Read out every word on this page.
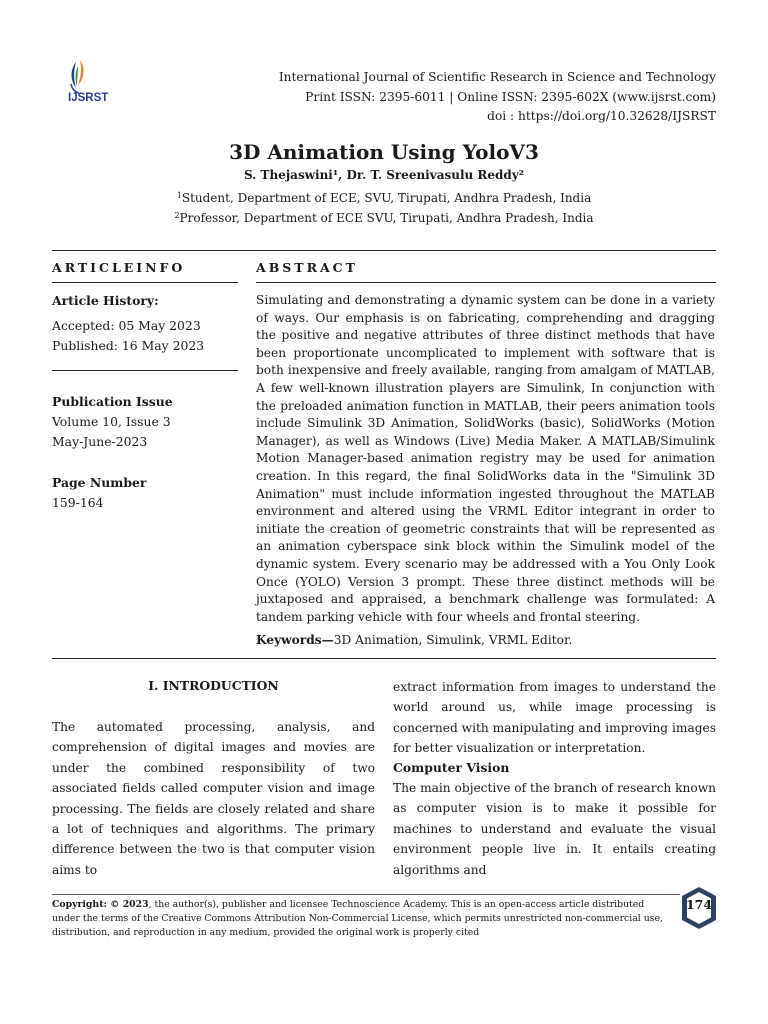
IJSRST
International Journal of Scientific Research in Science and Technology
Print ISSN: 2395-6011 | Online ISSN: 2395-602X (www.ijsrst.com)
doi : https://doi.org/10.32628/IJSRST
3D Animation Using YoloV3
S. Thejaswini¹, Dr. T. Sreenivasulu Reddy²
$^1$Student, Department of ECE, SVU, Tirupati, Andhra Pradesh, India
$^2$Professor, Department of ECE SVU, Tirupati, Andhra Pradesh, India
ARTICLEINFO	ABSTRACT
Article History:
Accepted: 05 May 2023
Published: 16 May 2023
Publication Issue
Volume 10, Issue 3
May-June-2023
Page Number
159-164
Simulating and demonstrating a dynamic system can be done in a variety of ways. Our emphasis is on fabricating, comprehending and dragging the positive and negative attributes of three distinct methods that have been proportionate uncomplicated to implement with software that is both inexpensive and freely available, ranging from amalgam of MATLAB, A few well-known illustration players are Simulink, In conjunction with the preloaded animation function in MATLAB, their peers animation tools include Simulink 3D Animation, SolidWorks (basic), SolidWorks (Motion Manager), as well as Windows (Live) Media Maker. A MATLAB/Simulink Motion Manager-based animation registry may be used for animation creation. In this regard, the final SolidWorks data in the "Simulink 3D Animation" must include information ingested throughout the MATLAB environment and altered using the VRML Editor integrant in order to initiate the creation of geometric constraints that will be represented as an animation cyberspace sink block within the Simulink model of the dynamic system. Every scenario may be addressed with a You Only Look Once (YOLO) Version 3 prompt. These three distinct methods will be juxtaposed and appraised, a benchmark challenge was formulated: A tandem parking vehicle with four wheels and frontal steering.
Keywords—3D Animation, Simulink, VRML Editor.
I. INTRODUCTION
The automated processing, analysis, and comprehension of digital images and movies are under the combined responsibility of two associated fields called computer vision and image processing. The fields are closely related and share a lot of techniques and algorithms. The primary difference between the two is that computer vision aims to
extract information from images to understand the world around us, while image processing is concerned with manipulating and improving images for better visualization or interpretation.
Computer Vision
The main objective of the branch of research known as computer vision is to make it possible for machines to understand and evaluate the visual environment people live in. It entails creating algorithms and
Copyright: © 2023, the author(s), publisher and licensee Technoscience Academy. This is an open-access article distributed under the terms of the Creative Commons Attribution Non-Commercial License, which permits unrestricted non-commercial use, distribution, and reproduction in any medium, provided the original work is properly cited
174
